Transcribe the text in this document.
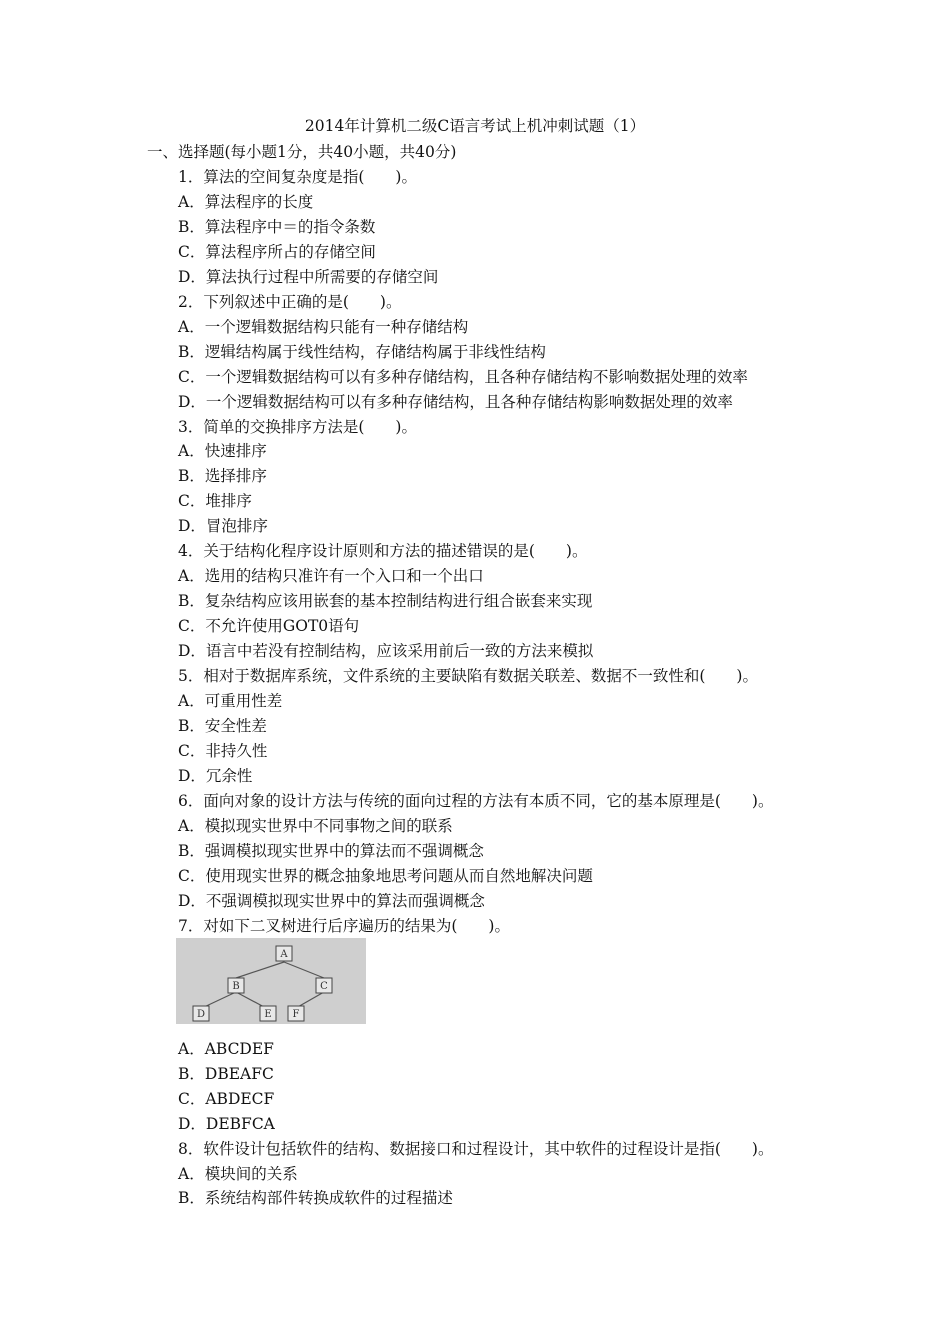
2014年计算机二级C语言考试上机冲刺试题（1）
一、选择题(每小题1分，共40小题，共40分)
1．算法的空间复杂度是指(　　)。
A．算法程序的长度
B．算法程序中＝的指令条数
C．算法程序所占的存储空间
D．算法执行过程中所需要的存储空间
2．下列叙述中正确的是(　　)。
A．一个逻辑数据结构只能有一种存储结构
B．逻辑结构属于线性结构，存储结构属于非线性结构
C．一个逻辑数据结构可以有多种存储结构，且各种存储结构不影响数据处理的效率
D．一个逻辑数据结构可以有多种存储结构，且各种存储结构影响数据处理的效率
3．简单的交换排序方法是(　　)。
A．快速排序
B．选择排序
C．堆排序
D．冒泡排序
4．关于结构化程序设计原则和方法的描述错误的是(　　)。
A．选用的结构只准许有一个入口和一个出口
B．复杂结构应该用嵌套的基本控制结构进行组合嵌套来实现
C．不允许使用GOT0语句
D．语言中若没有控制结构，应该采用前后一致的方法来模拟
5．相对于数据库系统，文件系统的主要缺陷有数据关联差、数据不一致性和(　　)。
A．可重用性差
B．安全性差
C．非持久性
D．冗余性
6．面向对象的设计方法与传统的面向过程的方法有本质不同，它的基本原理是(　　)。
A．模拟现实世界中不同事物之间的联系
B．强调模拟现实世界中的算法而不强调概念
C．使用现实世界的概念抽象地思考问题从而自然地解决问题
D．不强调模拟现实世界中的算法而强调概念
7．对如下二叉树进行后序遍历的结果为(　　)。
A
B	C
D	E F
A．ABCDEF
B．DBEAFC
C．ABDECF
D．DEBFCA
8．软件设计包括软件的结构、数据接口和过程设计，其中软件的过程设计是指(　　)。
A．模块间的关系
B．系统结构部件转换成软件的过程描述
